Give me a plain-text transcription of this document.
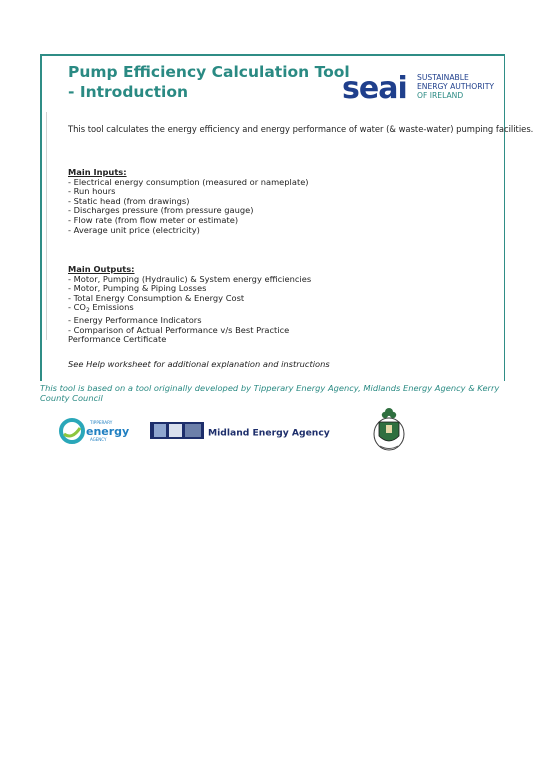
Pump Efficiency Calculation Tool
- Introduction	seai SUSTAINABLE
ENERGY AUTHORITY
OF IRELAND
This tool calculates the energy efficiency and energy performance of water (& waste-water) pumping facilities.
Main Inputs:
- Electrical energy consumption (measured or nameplate)
- Run hours
- Static head (from drawings)
- Discharges pressure (from pressure gauge)
- Flow rate (from flow meter or estimate)
- Average unit price (electricity)
Main Outputs:
- Motor, Pumping (Hydraulic) & System energy efficiencies
- Motor, Pumping & Piping Losses
- Total Energy Consumption & Energy Cost
- $CO_2$ Emissions
- Energy Performance Indicators
- Comparison of Actual Performance v/s Best Practice
Performance Certificate
See Help worksheet for additional explanation and instructions
This tool is based on a tool originally developed by Tipperary Energy Agency, Midlands Energy Agency & Kerry County Council
TIPPERARY
energy
AGENCY
Midland Energy Agency
